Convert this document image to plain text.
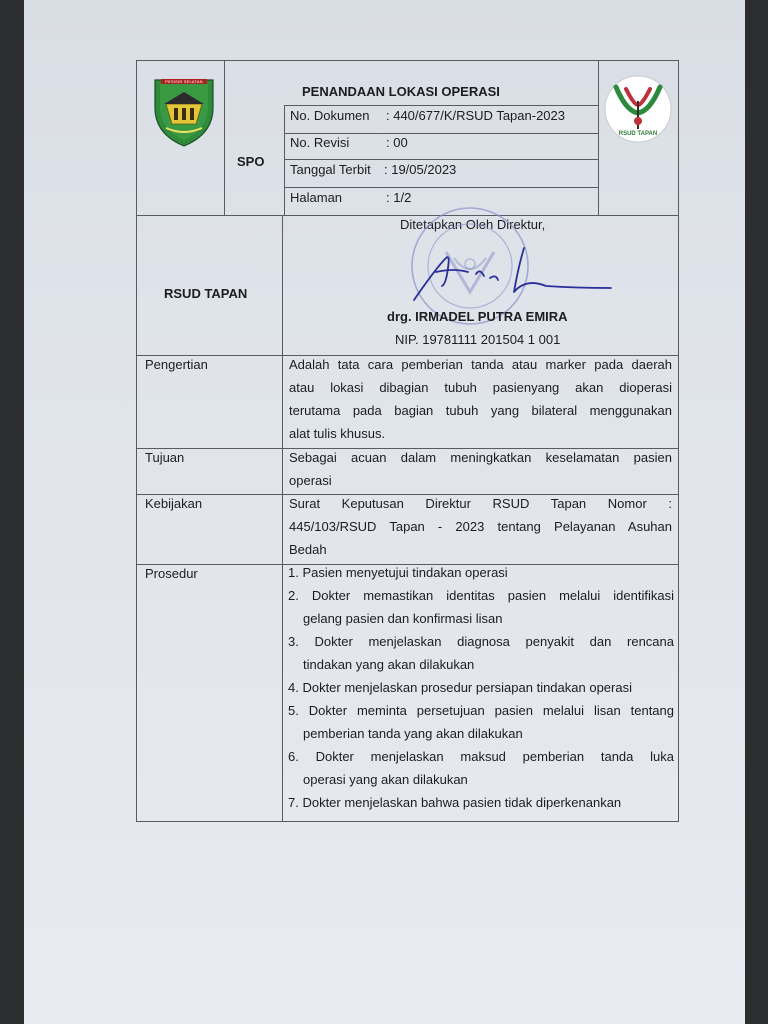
PESISIR SELATAN
PENANDAAN LOKASI OPERASI
SPO
No. Dokumen : 440/677/K/RSUD Tapan-2023
No. Revisi	: 00
Tanggal Terbit : 19/05/2023
Halaman	: 1/2
RSUD TAPAN
RSUD TAPAN
Ditetapkan Oleh Direktur,
drg. IRMADEL PUTRA EMIRA
NIP. 19781111 201504 1 001
Pengertian
Tujuan
Kebijakan
Prosedur
Adalah tata cara pemberian tanda atau marker pada daerah
atau lokasi dibagian tubuh pasienyang akan dioperasi
terutama pada bagian tubuh yang bilateral menggunakan
alat tulis khusus.
Sebagai acuan dalam meningkatkan keselamatan pasien
operasi
Surat Keputusan Direktur RSUD Tapan Nomor :
445/103/RSUD Tapan - 2023 tentang Pelayanan Asuhan
Bedah
1. Pasien menyetujui tindakan operasi
2. Dokter memastikan identitas pasien melalui identifikasi
gelang pasien dan konfirmasi lisan
3. Dokter menjelaskan diagnosa penyakit dan rencana
tindakan yang akan dilakukan
4. Dokter menjelaskan prosedur persiapan tindakan operasi
5. Dokter meminta persetujuan pasien melalui lisan tentang
pemberian tanda yang akan dilakukan
6. Dokter menjelaskan maksud pemberian tanda luka
operasi yang akan dilakukan
7. Dokter menjelaskan bahwa pasien tidak diperkenankan
